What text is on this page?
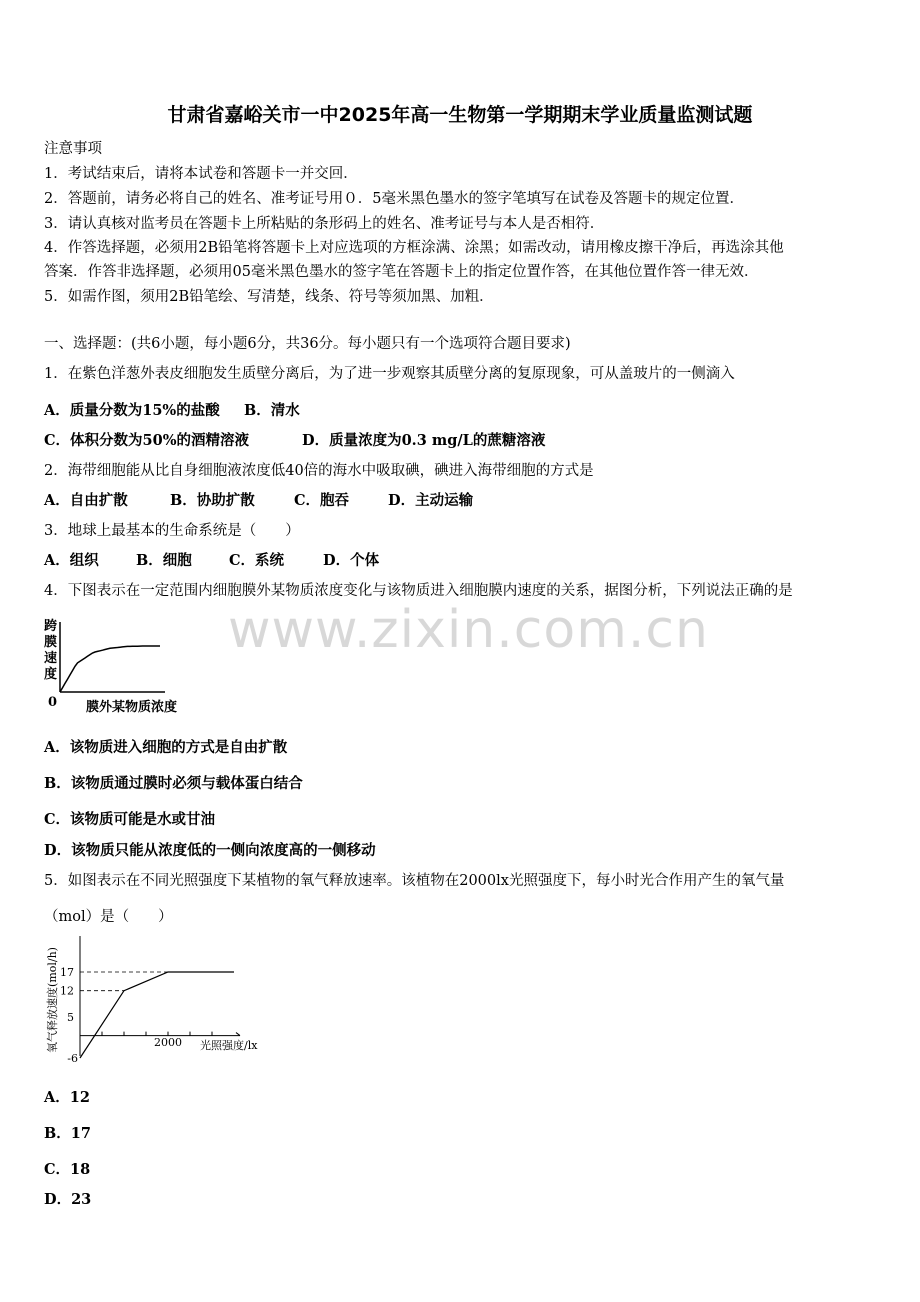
甘肃省嘉峪关市一中2025年高一生物第一学期期末学业质量监测试题
注意事项
1．考试结束后，请将本试卷和答题卡一并交回．
2．答题前，请务必将自己的姓名、准考证号用０．5毫米黑色墨水的签字笔填写在试卷及答题卡的规定位置．
3．请认真核对监考员在答题卡上所粘贴的条形码上的姓名、准考证号与本人是否相符．
4．作答选择题，必须用2B铅笔将答题卡上对应选项的方框涂满、涂黑；如需改动，请用橡皮擦干净后，再选涂其他
答案．作答非选择题，必须用05毫米黑色墨水的签字笔在答题卡上的指定位置作答，在其他位置作答一律无效．
5．如需作图，须用2B铅笔绘、写清楚，线条、符号等须加黑、加粗．
一、选择题：(共6小题，每小题6分，共36分。每小题只有一个选项符合题目要求)
1．在紫色洋葱外表皮细胞发生质壁分离后，为了进一步观察其质壁分离的复原现象，可从盖玻片的一侧滴入
A．质量分数为15%的盐酸 B．清水
C．体积分数为50%的酒精溶液	D．质量浓度为0.3 mg/L的蔗糖溶液
2．海带细胞能从比自身细胞液浓度低40倍的海水中吸取碘，碘进入海带细胞的方式是
A．自由扩散	B．协助扩散	C．胞吞	D．主动运输
3．地球上最基本的生命系统是（　　）
A．组织	B．细胞	C．系统	D．个体
4．下图表示在一定范围内细胞膜外某物质浓度变化与该物质进入细胞膜内速度的关系，据图分析，下列说法正确的是
跨
膜
速
度
0 膜外某物质浓度
www.zixin.com.cn
A．该物质进入细胞的方式是自由扩散
B．该物质通过膜时必须与载体蛋白结合
C．该物质可能是水或甘油
D．该物质只能从浓度低的一侧向浓度高的一侧移动
5．如图表示在不同光照强度下某植物的氧气释放速率。该植物在2000lx光照强度下，每小时光合作用产生的氧气量
（mol）是（　　）
氧气释放速度(mol/h) 17
12
5
-6
2000 光照强度/lx
A．12
B．17
C．18
D．23
